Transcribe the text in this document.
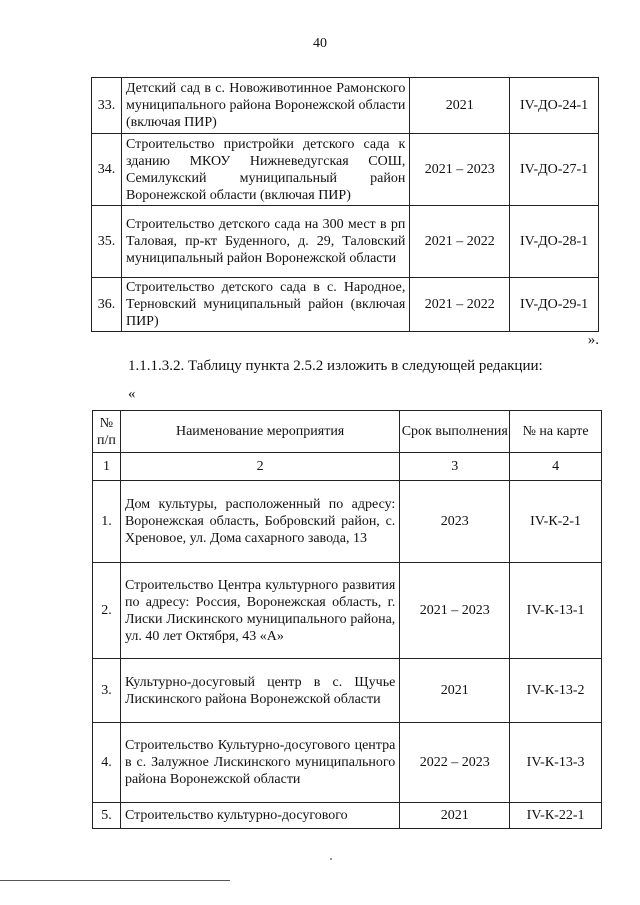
40
33.	Детский сад в с. Новоживотинное Рамонского муниципального района Воронежской области (включая ПИР)	2021	IV-ДО-24-1
34.	Строительство пристройки детского сада к зданию МКОУ Нижневедугская СОШ, Семилукский муниципальный район Воронежской области (включая ПИР)	2021 – 2023	IV-ДО-27-1
35.	Строительство детского сада на 300 мест в рп Таловая, пр-кт Буденного, д. 29, Таловский муниципальный район Воронежской области	2021 – 2022	IV-ДО-28-1
36.	Строительство детского сада в с. Народное, Терновский муниципальный район (включая ПИР)	2021 – 2022	IV-ДО-29-1
».
1.1.1.3.2. Таблицу пункта 2.5.2 изложить в следующей редакции:
«
№ п/п	Наименование мероприятия	Срок выполнения	№ на карте
1	2	3	4
1.	Дом культуры, расположенный по адресу: Воронежская область, Бобровский район, с. Хреновое, ул. Дома сахарного завода, 13	2023	IV-К-2-1
2.	Строительство Центра культурного развития по адресу: Россия, Воронежская область, г. Лиски Лискинского муниципального района, ул. 40 лет Октября, 43 «А»	2021 – 2023	IV-К-13-1
3.	Культурно-досуговый центр в с. Щучье Лискинского района Воронежской области	2021	IV-К-13-2
4.	Строительство Культурно-досугового центра в с. Залужное Лискинского муниципального района Воронежской области	2022 – 2023	IV-К-13-3
5.	Строительство культурно-досугового	2021	IV-К-22-1
